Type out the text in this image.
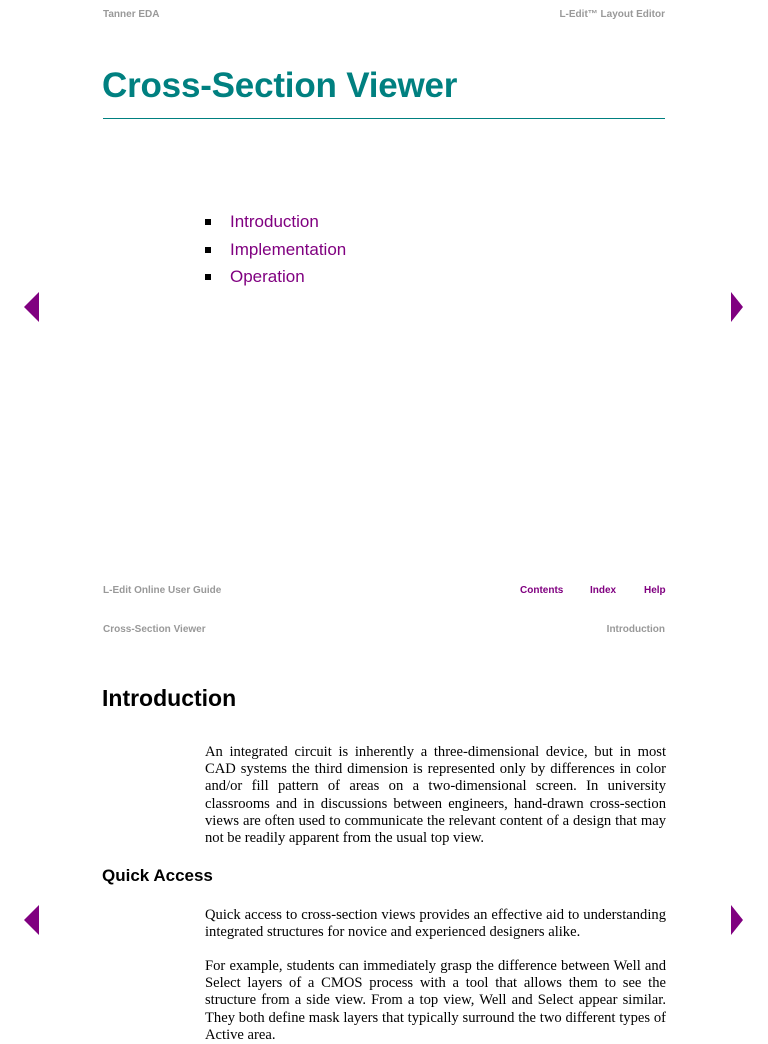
Tanner EDA	L-Edit™ Layout Editor
Cross-Section Viewer
Introduction
Implementation
Operation
L-Edit Online User Guide	Contents	Index	Help
Cross-Section Viewer	Introduction
Introduction
An integrated circuit is inherently a three-dimensional device, but in most CAD systems the third dimension is represented only by differences in color and/or fill pattern of areas on a two-dimensional screen. In university classrooms and in discussions between engineers, hand-drawn cross-section views are often used to communicate the relevant content of a design that may not be readily apparent from the usual top view.
Quick Access
Quick access to cross-section views provides an effective aid to understanding integrated structures for novice and experienced designers alike.
For example, students can immediately grasp the difference between Well and Select layers of a CMOS process with a tool that allows them to see the structure from a side view. From a top view, Well and Select appear similar. They both define mask layers that typically surround the two different types of Active area.
